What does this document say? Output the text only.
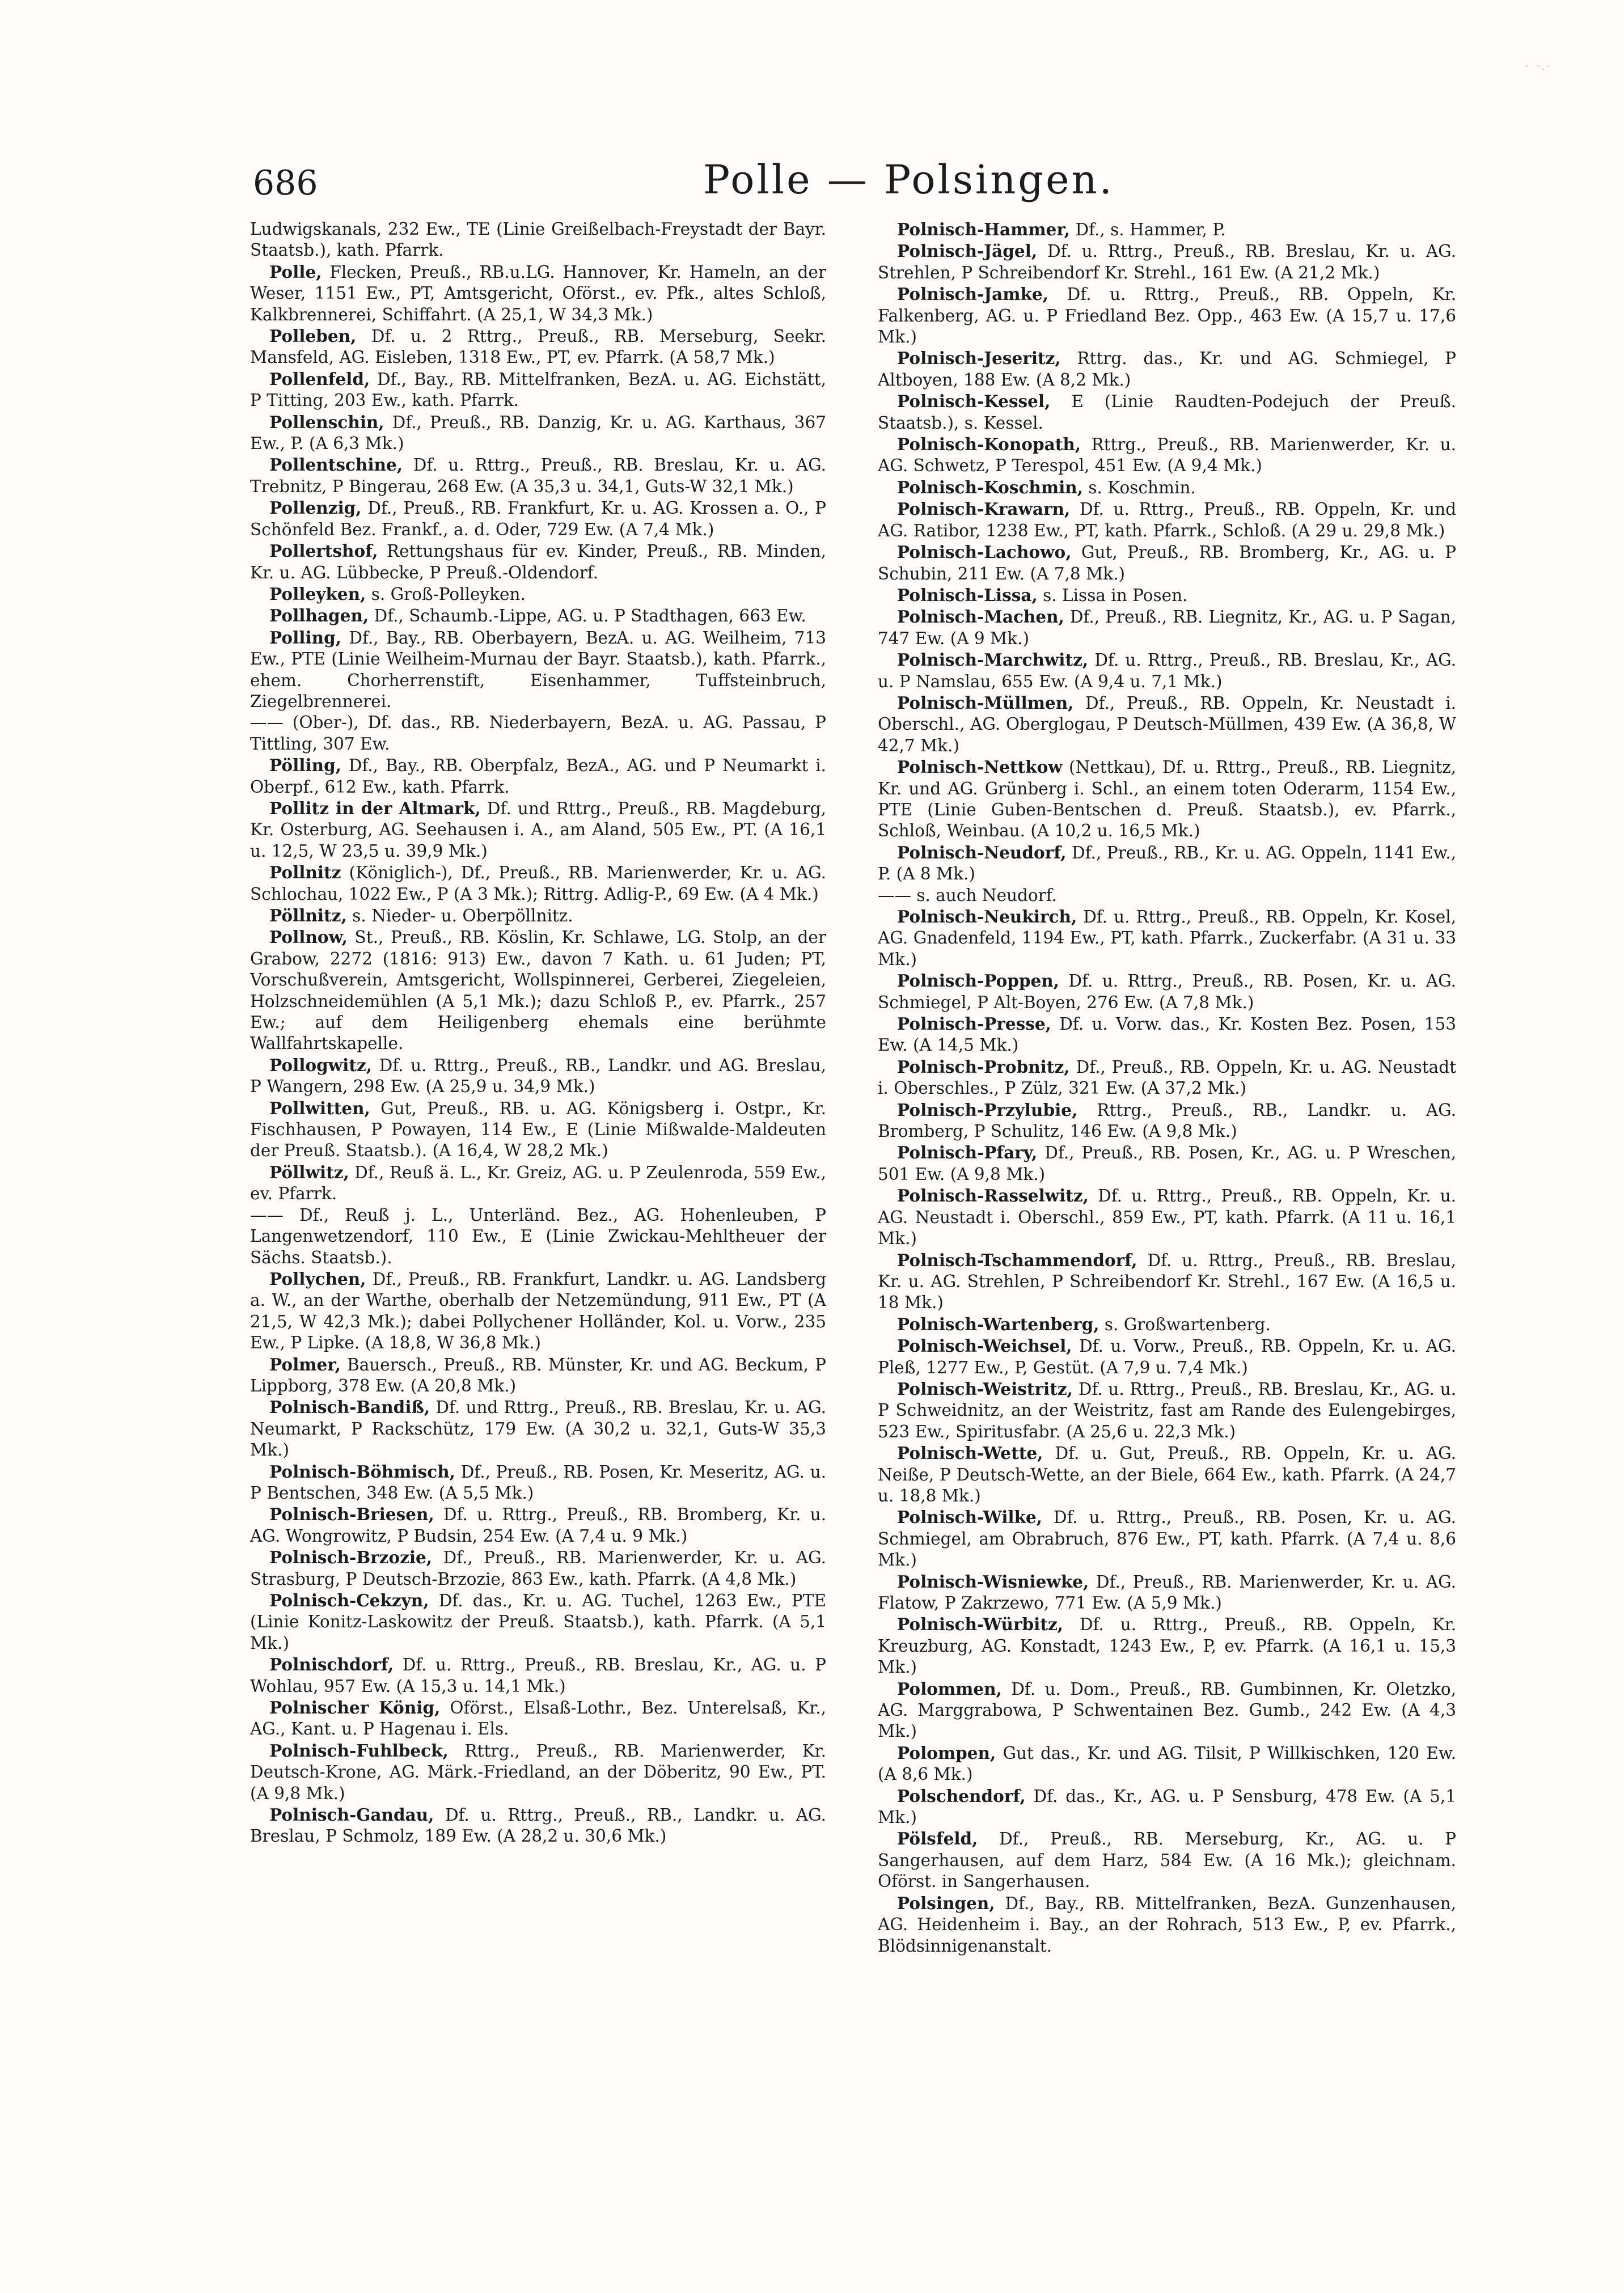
· ·.·
686	Polle — Polsingen.

Ludwigskanals, 232 Ew., TE (Linie Greißelbach-Freystadt der Bayr. Staatsb.), kath. Pfarrk.

Polle, Flecken, Preuß., RB.u.LG. Hannover, Kr. Hameln, an der Weser, 1151 Ew., PT, Amtsgericht, Oförst., ev. Pfk., altes Schloß, Kalkbrennerei, Schiffahrt. (A 25,1, W 34,3 Mk.)

Polleben, Df. u. 2 Rttrg., Preuß., RB. Merseburg, Seekr. Mansfeld, AG. Eisleben, 1318 Ew., PT, ev. Pfarrk. (A 58,7 Mk.)

Pollenfeld, Df., Bay., RB. Mittelfranken, BezA. u. AG. Eichstätt, P Titting, 203 Ew., kath. Pfarrk.

Pollenschin, Df., Preuß., RB. Danzig, Kr. u. AG. Karthaus, 367 Ew., P. (A 6,3 Mk.)

Pollentschine, Df. u. Rttrg., Preuß., RB. Breslau, Kr. u. AG. Trebnitz, P Bingerau, 268 Ew. (A 35,3 u. 34,1, Guts-W 32,1 Mk.)

Pollenzig, Df., Preuß., RB. Frankfurt, Kr. u. AG. Krossen a. O., P Schönfeld Bez. Frankf., a. d. Oder, 729 Ew. (A 7,4 Mk.)

Pollertshof, Rettungshaus für ev. Kinder, Preuß., RB. Minden, Kr. u. AG. Lübbecke, P Preuß.-Oldendorf.

Polleyken, s. Groß-Polleyken.

Pollhagen, Df., Schaumb.-Lippe, AG. u. P Stadthagen, 663 Ew.

Polling, Df., Bay., RB. Oberbayern, BezA. u. AG. Weilheim, 713 Ew., PTE (Linie Weilheim-Murnau der Bayr. Staatsb.), kath. Pfarrk., ehem. Chorherrenstift, Eisenhammer, Tuffsteinbruch, Ziegelbrennerei.

—— (Ober-), Df. das., RB. Niederbayern, BezA. u. AG. Passau, P Tittling, 307 Ew.

Pölling, Df., Bay., RB. Oberpfalz, BezA., AG. und P Neumarkt i. Oberpf., 612 Ew., kath. Pfarrk.

Pollitz in der Altmark, Df. und Rttrg., Preuß., RB. Magdeburg, Kr. Osterburg, AG. Seehausen i. A., am Aland, 505 Ew., PT. (A 16,1 u. 12,5, W 23,5 u. 39,9 Mk.)

Pollnitz (Königlich-), Df., Preuß., RB. Marienwerder, Kr. u. AG. Schlochau, 1022 Ew., P (A 3 Mk.); Rittrg. Adlig-P., 69 Ew. (A 4 Mk.)

Pöllnitz, s. Nieder- u. Oberpöllnitz.

Pollnow, St., Preuß., RB. Köslin, Kr. Schlawe, LG. Stolp, an der Grabow, 2272 (1816: 913) Ew., davon 7 Kath. u. 61 Juden; PT, Vorschußverein, Amtsgericht, Wollspinnerei, Gerberei, Ziegeleien, Holzschneidemühlen (A 5,1 Mk.); dazu Schloß P., ev. Pfarrk., 257 Ew.; auf dem Heiligenberg ehemals eine berühmte Wallfahrtskapelle.

Pollogwitz, Df. u. Rttrg., Preuß., RB., Landkr. und AG. Breslau, P Wangern, 298 Ew. (A 25,9 u. 34,9 Mk.)

Pollwitten, Gut, Preuß., RB. u. AG. Königsberg i. Ostpr., Kr. Fischhausen, P Powayen, 114 Ew., E (Linie Mißwalde-Maldeuten der Preuß. Staatsb.). (A 16,4, W 28,2 Mk.)

Pöllwitz, Df., Reuß ä. L., Kr. Greiz, AG. u. P Zeulenroda, 559 Ew., ev. Pfarrk.

—— Df., Reuß j. L., Unterländ. Bez., AG. Hohenleuben, P Langenwetzendorf, 110 Ew., E (Linie Zwickau-Mehltheuer der Sächs. Staatsb.).

Pollychen, Df., Preuß., RB. Frankfurt, Landkr. u. AG. Landsberg a. W., an der Warthe, oberhalb der Netzemündung, 911 Ew., PT (A 21,5, W 42,3 Mk.); dabei Pollychener Holländer, Kol. u. Vorw., 235 Ew., P Lipke. (A 18,8, W 36,8 Mk.)

Polmer, Bauersch., Preuß., RB. Münster, Kr. und AG. Beckum, P Lippborg, 378 Ew. (A 20,8 Mk.)

Polnisch-Bandiß, Df. und Rttrg., Preuß., RB. Breslau, Kr. u. AG. Neumarkt, P Rackschütz, 179 Ew. (A 30,2 u. 32,1, Guts-W 35,3 Mk.)

Polnisch-Böhmisch, Df., Preuß., RB. Posen, Kr. Meseritz, AG. u. P Bentschen, 348 Ew. (A 5,5 Mk.)

Polnisch-Briesen, Df. u. Rttrg., Preuß., RB. Bromberg, Kr. u. AG. Wongrowitz, P Budsin, 254 Ew. (A 7,4 u. 9 Mk.)

Polnisch-Brzozie, Df., Preuß., RB. Marienwerder, Kr. u. AG. Strasburg, P Deutsch-Brzozie, 863 Ew., kath. Pfarrk. (A 4,8 Mk.)

Polnisch-Cekzyn, Df. das., Kr. u. AG. Tuchel, 1263 Ew., PTE (Linie Konitz-Laskowitz der Preuß. Staatsb.), kath. Pfarrk. (A 5,1 Mk.)

Polnischdorf, Df. u. Rttrg., Preuß., RB. Breslau, Kr., AG. u. P Wohlau, 957 Ew. (A 15,3 u. 14,1 Mk.)

Polnischer König, Oförst., Elsaß-Lothr., Bez. Unterelsaß, Kr., AG., Kant. u. P Hagenau i. Els.

Polnisch-Fuhlbeck, Rttrg., Preuß., RB. Marienwerder, Kr. Deutsch-Krone, AG. Märk.-Friedland, an der Döberitz, 90 Ew., PT. (A 9,8 Mk.)

Polnisch-Gandau, Df. u. Rttrg., Preuß., RB., Landkr. u. AG. Breslau, P Schmolz, 189 Ew. (A 28,2 u. 30,6 Mk.)

Polnisch-Hammer, Df., s. Hammer, P.

Polnisch-Jägel, Df. u. Rttrg., Preuß., RB. Breslau, Kr. u. AG. Strehlen, P Schreibendorf Kr. Strehl., 161 Ew. (A 21,2 Mk.)

Polnisch-Jamke, Df. u. Rttrg., Preuß., RB. Oppeln, Kr. Falkenberg, AG. u. P Friedland Bez. Opp., 463 Ew. (A 15,7 u. 17,6 Mk.)

Polnisch-Jeseritz, Rttrg. das., Kr. und AG. Schmiegel, P Altboyen, 188 Ew. (A 8,2 Mk.)

Polnisch-Kessel, E (Linie Raudten-Podejuch der Preuß. Staatsb.), s. Kessel.

Polnisch-Konopath, Rttrg., Preuß., RB. Marienwerder, Kr. u. AG. Schwetz, P Terespol, 451 Ew. (A 9,4 Mk.)

Polnisch-Koschmin, s. Koschmin.

Polnisch-Krawarn, Df. u. Rttrg., Preuß., RB. Oppeln, Kr. und AG. Ratibor, 1238 Ew., PT, kath. Pfarrk., Schloß. (A 29 u. 29,8 Mk.)

Polnisch-Lachowo, Gut, Preuß., RB. Bromberg, Kr., AG. u. P Schubin, 211 Ew. (A 7,8 Mk.)

Polnisch-Lissa, s. Lissa in Posen.

Polnisch-Machen, Df., Preuß., RB. Liegnitz, Kr., AG. u. P Sagan, 747 Ew. (A 9 Mk.)

Polnisch-Marchwitz, Df. u. Rttrg., Preuß., RB. Breslau, Kr., AG. u. P Namslau, 655 Ew. (A 9,4 u. 7,1 Mk.)

Polnisch-Müllmen, Df., Preuß., RB. Oppeln, Kr. Neustadt i. Oberschl., AG. Oberglogau, P Deutsch-Müllmen, 439 Ew. (A 36,8, W 42,7 Mk.)

Polnisch-Nettkow (Nettkau), Df. u. Rttrg., Preuß., RB. Liegnitz, Kr. und AG. Grünberg i. Schl., an einem toten Oderarm, 1154 Ew., PTE (Linie Guben-Bentschen d. Preuß. Staatsb.), ev. Pfarrk., Schloß, Weinbau. (A 10,2 u. 16,5 Mk.)

Polnisch-Neudorf, Df., Preuß., RB., Kr. u. AG. Oppeln, 1141 Ew., P. (A 8 Mk.)

—— s. auch Neudorf.

Polnisch-Neukirch, Df. u. Rttrg., Preuß., RB. Oppeln, Kr. Kosel, AG. Gnadenfeld, 1194 Ew., PT, kath. Pfarrk., Zuckerfabr. (A 31 u. 33 Mk.)

Polnisch-Poppen, Df. u. Rttrg., Preuß., RB. Posen, Kr. u. AG. Schmiegel, P Alt-Boyen, 276 Ew. (A 7,8 Mk.)

Polnisch-Presse, Df. u. Vorw. das., Kr. Kosten Bez. Posen, 153 Ew. (A 14,5 Mk.)

Polnisch-Probnitz, Df., Preuß., RB. Oppeln, Kr. u. AG. Neustadt i. Oberschles., P Zülz, 321 Ew. (A 37,2 Mk.)

Polnisch-Przylubie, Rttrg., Preuß., RB., Landkr. u. AG. Bromberg, P Schulitz, 146 Ew. (A 9,8 Mk.)

Polnisch-Pfary, Df., Preuß., RB. Posen, Kr., AG. u. P Wreschen, 501 Ew. (A 9,8 Mk.)

Polnisch-Rasselwitz, Df. u. Rttrg., Preuß., RB. Oppeln, Kr. u. AG. Neustadt i. Oberschl., 859 Ew., PT, kath. Pfarrk. (A 11 u. 16,1 Mk.)

Polnisch-Tschammendorf, Df. u. Rttrg., Preuß., RB. Breslau, Kr. u. AG. Strehlen, P Schreibendorf Kr. Strehl., 167 Ew. (A 16,5 u. 18 Mk.)

Polnisch-Wartenberg, s. Großwartenberg.

Polnisch-Weichsel, Df. u. Vorw., Preuß., RB. Oppeln, Kr. u. AG. Pleß, 1277 Ew., P, Gestüt. (A 7,9 u. 7,4 Mk.)

Polnisch-Weistritz, Df. u. Rttrg., Preuß., RB. Breslau, Kr., AG. u. P Schweidnitz, an der Weistritz, fast am Rande des Eulengebirges, 523 Ew., Spiritusfabr. (A 25,6 u. 22,3 Mk.)

Polnisch-Wette, Df. u. Gut, Preuß., RB. Oppeln, Kr. u. AG. Neiße, P Deutsch-Wette, an der Biele, 664 Ew., kath. Pfarrk. (A 24,7 u. 18,8 Mk.)

Polnisch-Wilke, Df. u. Rttrg., Preuß., RB. Posen, Kr. u. AG. Schmiegel, am Obrabruch, 876 Ew., PT, kath. Pfarrk. (A 7,4 u. 8,6 Mk.)

Polnisch-Wisniewke, Df., Preuß., RB. Marienwerder, Kr. u. AG. Flatow, P Zakrzewo, 771 Ew. (A 5,9 Mk.)

Polnisch-Würbitz, Df. u. Rttrg., Preuß., RB. Oppeln, Kr. Kreuzburg, AG. Konstadt, 1243 Ew., P, ev. Pfarrk. (A 16,1 u. 15,3 Mk.)

Polommen, Df. u. Dom., Preuß., RB. Gumbinnen, Kr. Oletzko, AG. Marggrabowa, P Schwentainen Bez. Gumb., 242 Ew. (A 4,3 Mk.)

Polompen, Gut das., Kr. und AG. Tilsit, P Willkischken, 120 Ew. (A 8,6 Mk.)

Polschendorf, Df. das., Kr., AG. u. P Sensburg, 478 Ew. (A 5,1 Mk.)

Pölsfeld, Df., Preuß., RB. Merseburg, Kr., AG. u. P Sangerhausen, auf dem Harz, 584 Ew. (A 16 Mk.); gleichnam. Oförst. in Sangerhausen.

Polsingen, Df., Bay., RB. Mittelfranken, BezA. Gunzenhausen, AG. Heidenheim i. Bay., an der Rohrach, 513 Ew., P, ev. Pfarrk., Blödsinnigenanstalt.
